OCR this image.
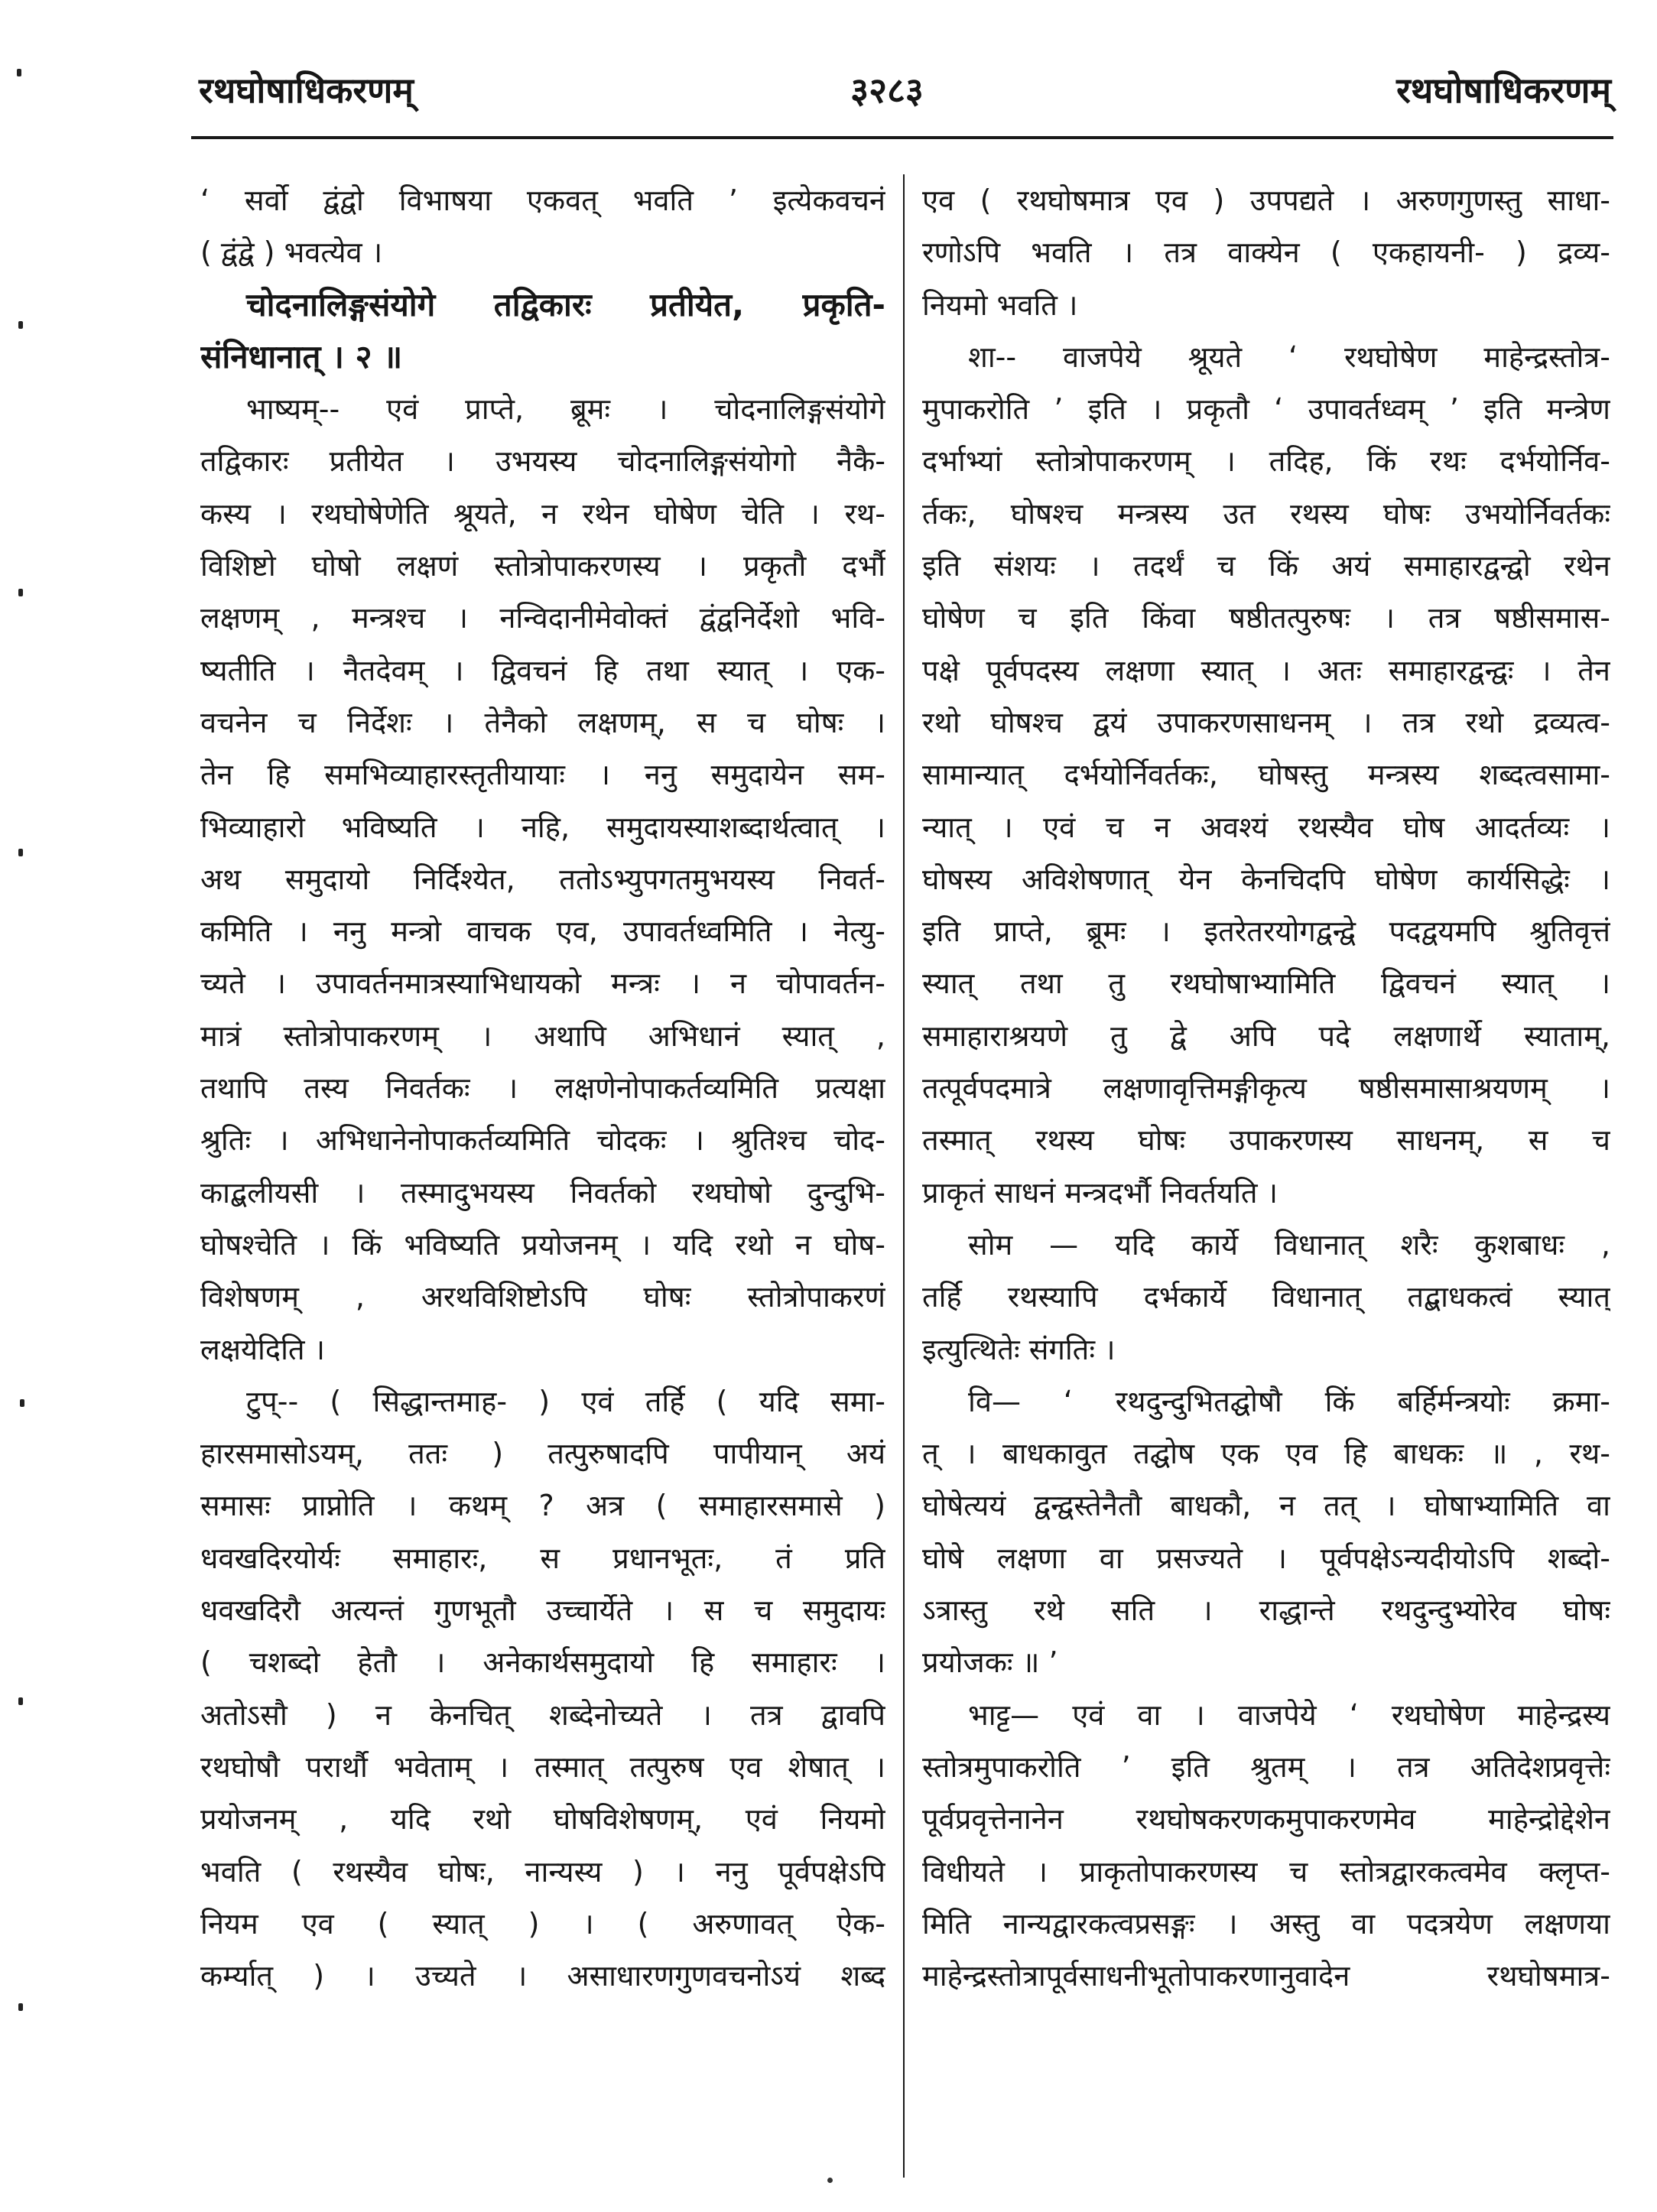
रथघोषाधिकरणम्	३२८३	रथघोषाधिकरणम्
‘ सर्वो द्वंद्वो विभाषया एकवत् भवति ’ इत्येकवचनं
( द्वंद्वे ) भवत्येव ।
चोदनालिङ्गसंयोगे तद्विकारः प्रतीयेत, प्रकृति-
संनिधानात् । २ ॥
भाष्यम्-- एवं प्राप्ते, ब्रूमः । चोदनालिङ्गसंयोगे
तद्विकारः प्रतीयेत । उभयस्य चोदनालिङ्गसंयोगो नैकै-
कस्य । रथघोषेणेति श्रूयते, न रथेन घोषेण चेति । रथ-
विशिष्टो घोषो लक्षणं स्तोत्रोपाकरणस्य । प्रकृतौ दर्भौ
लक्षणम् , मन्त्रश्च । नन्विदानीमेवोक्तं द्वंद्वनिर्देशो भवि-
ष्यतीति । नैतदेवम् । द्विवचनं हि तथा स्यात् । एक-
वचनेन च निर्देशः । तेनैको लक्षणम्, स च घोषः ।
तेन हि समभिव्याहारस्तृतीयायाः । ननु समुदायेन सम-
भिव्याहारो भविष्यति । नहि, समुदायस्याशब्दार्थत्वात् ।
अथ समुदायो निर्दिश्येत, ततोऽभ्युपगतमुभयस्य निवर्त-
कमिति । ननु मन्त्रो वाचक एव, उपावर्तध्वमिति । नेत्यु-
च्यते । उपावर्तनमात्रस्याभिधायको मन्त्रः । न चोपावर्तन-
मात्रं स्तोत्रोपाकरणम् । अथापि अभिधानं स्यात् ,
तथापि तस्य निवर्तकः । लक्षणेनोपाकर्तव्यमिति प्रत्यक्षा
श्रुतिः । अभिधानेनोपाकर्तव्यमिति चोदकः । श्रुतिश्च चोद-
काद्बलीयसी । तस्मादुभयस्य निवर्तको रथघोषो दुन्दुभि-
घोषश्चेति । किं भविष्यति प्रयोजनम् । यदि रथो न घोष-
विशेषणम् , अरथविशिष्टोऽपि घोषः स्तोत्रोपाकरणं
लक्षयेदिति ।
टुप्-- ( सिद्धान्तमाह- ) एवं तर्हि ( यदि समा-
हारसमासोऽयम्, ततः ) तत्पुरुषादपि पापीयान् अयं
समासः प्राप्नोति । कथम् ? अत्र ( समाहारसमासे )
धवखदिरयोर्यः समाहारः, स प्रधानभूतः, तं प्रति
धवखदिरौ अत्यन्तं गुणभूतौ उच्चार्येते । स च समुदायः
( चशब्दो हेतौ । अनेकार्थसमुदायो हि समाहारः ।
अतोऽसौ ) न केनचित् शब्देनोच्यते । तत्र द्वावपि
रथघोषौ परार्थौ भवेताम् । तस्मात् तत्पुरुष एव शेषात् ।
प्रयोजनम् , यदि रथो घोषविशेषणम्, एवं नियमो
भवति ( रथस्यैव घोषः, नान्यस्य ) । ननु पूर्वपक्षेऽपि
नियम एव ( स्यात् ) । ( अरुणावत् ऐक-
कर्म्यात् ) । उच्यते । असाधारणगुणवचनोऽयं शब्द
एव ( रथघोषमात्र एव ) उपपद्यते । अरुणगुणस्तु साधा-
रणोऽपि भवति । तत्र वाक्येन ( एकहायनी- ) द्रव्य-
नियमो भवति ।
शा-- वाजपेये श्रूयते ‘ रथघोषेण माहेन्द्रस्तोत्र-
मुपाकरोति ’ इति । प्रकृतौ ‘ उपावर्तध्वम् ’ इति मन्त्रेण
दर्भाभ्यां स्तोत्रोपाकरणम् । तदिह, किं रथः दर्भयोर्निव-
र्तकः, घोषश्च मन्त्रस्य उत रथस्य घोषः उभयोर्निवर्तकः
इति संशयः । तदर्थं च किं अयं समाहारद्वन्द्वो रथेन
घोषेण च इति किंवा षष्ठीतत्पुरुषः । तत्र षष्ठीसमास-
पक्षे पूर्वपदस्य लक्षणा स्यात् । अतः समाहारद्वन्द्वः । तेन
रथो घोषश्च द्वयं उपाकरणसाधनम् । तत्र रथो द्रव्यत्व-
सामान्यात् दर्भयोर्निवर्तकः, घोषस्तु मन्त्रस्य शब्दत्वसामा-
न्यात् । एवं च न अवश्यं रथस्यैव घोष आदर्तव्यः ।
घोषस्य अविशेषणात् येन केनचिदपि घोषेण कार्यसिद्धेः ।
इति प्राप्ते, ब्रूमः । इतरेतरयोगद्वन्द्वे पदद्वयमपि श्रुतिवृत्तं
स्यात् तथा तु रथघोषाभ्यामिति द्विवचनं स्यात् ।
समाहाराश्रयणे तु द्वे अपि पदे लक्षणार्थे स्याताम्,
तत्पूर्वपदमात्रे लक्षणावृत्तिमङ्गीकृत्य षष्ठीसमासाश्रयणम् ।
तस्मात् रथस्य घोषः उपाकरणस्य साधनम्, स च
प्राकृतं साधनं मन्त्रदर्भौ निवर्तयति ।
सोम — यदि कार्ये विधानात् शरैः कुशबाधः ,
तर्हि रथस्यापि दर्भकार्ये विधानात् तद्बाधकत्वं स्यात्
इत्युत्थितेः संगतिः ।
वि— ‘ रथदुन्दुभितद्घोषौ किं बर्हिर्मन्त्रयोः क्रमा-
त् । बाधकावुत तद्घोष एक एव हि बाधकः ॥ , रथ-
घोषेत्ययं द्वन्द्वस्तेनैतौ बाधकौ, न तत् । घोषाभ्यामिति वा
घोषे लक्षणा वा प्रसज्यते । पूर्वपक्षेऽन्यदीयोऽपि शब्दो-
ऽत्रास्तु रथे सति । राद्धान्ते रथदुन्दुभ्योरेव घोषः
प्रयोजकः ॥ ’
भाट्ट— एवं वा । वाजपेये ‘ रथघोषेण माहेन्द्रस्य
स्तोत्रमुपाकरोति ’ इति श्रुतम् । तत्र अतिदेशप्रवृत्तेः
पूर्वप्रवृत्तेनानेन रथघोषकरणकमुपाकरणमेव माहेन्द्रोद्देशेन
विधीयते । प्राकृतोपाकरणस्य च स्तोत्रद्वारकत्वमेव क्लृप्त-
मिति नान्यद्वारकत्वप्रसङ्गः । अस्तु वा पदत्रयेण लक्षणया
माहेन्द्रस्तोत्रापूर्वसाधनीभूतोपाकरणानुवादेन रथघोषमात्र-
